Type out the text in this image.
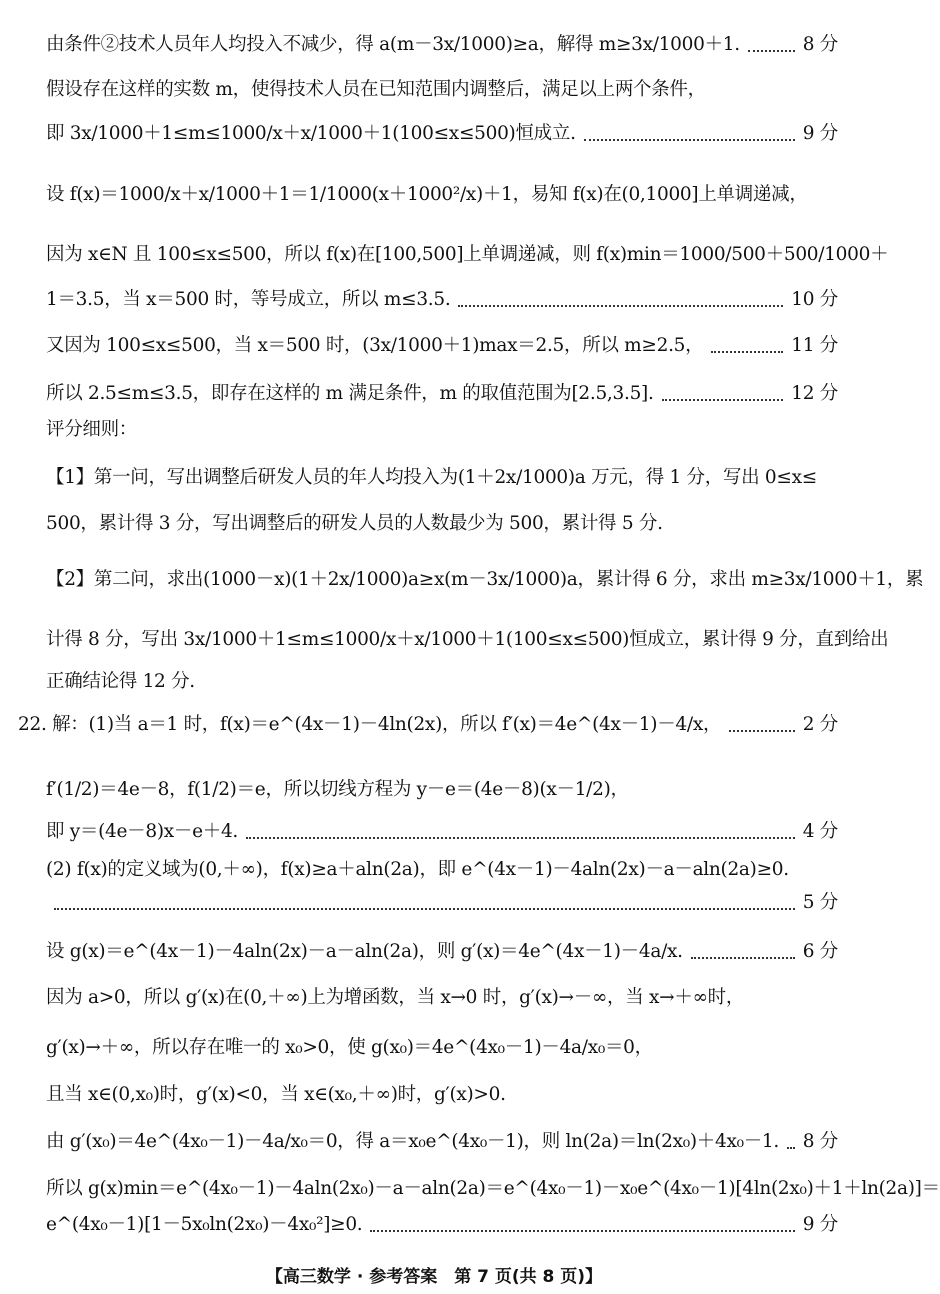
由条件②技术人员年人均投入不减少，得 a(m－3x/1000)≥a，解得 m≥3x/1000＋1.	8 分
假设存在这样的实数 m，使得技术人员在已知范围内调整后，满足以上两个条件，
即 3x/1000＋1≤m≤1000/x＋x/1000＋1(100≤x≤500)恒成立.	9 分
设 f(x)＝1000/x＋x/1000＋1＝1/1000(x＋1000²/x)＋1，易知 f(x)在(0,1000]上单调递减，
因为 x∈N 且 100≤x≤500，所以 f(x)在[100,500]上单调递减，则 f(x)min＝1000/500＋500/1000＋
1＝3.5，当 x＝500 时，等号成立，所以 m≤3.5.	10 分
又因为 100≤x≤500，当 x＝500 时，(3x/1000＋1)max＝2.5，所以 m≥2.5，	11 分
所以 2.5≤m≤3.5，即存在这样的 m 满足条件，m 的取值范围为[2.5,3.5].	12 分
评分细则：
【1】第一问，写出调整后研发人员的年人均投入为(1＋2x/1000)a 万元，得 1 分，写出 0≤x≤
500，累计得 3 分，写出调整后的研发人员的人数最少为 500，累计得 5 分.
【2】第二问，求出(1000－x)(1＋2x/1000)a≥x(m－3x/1000)a，累计得 6 分，求出 m≥3x/1000＋1，累
计得 8 分，写出 3x/1000＋1≤m≤1000/x＋x/1000＋1(100≤x≤500)恒成立，累计得 9 分，直到给出
正确结论得 12 分.
22. 解：(1)当 a＝1 时，f(x)＝e^(4x－1)－4ln(2x)，所以 f′(x)＝4e^(4x－1)－4/x，	2 分
f′(1/2)＝4e－8，f(1/2)＝e，所以切线方程为 y－e＝(4e－8)(x－1/2)，
即 y＝(4e－8)x－e＋4.	4 分
(2) f(x)的定义域为(0,＋∞)，f(x)≥a＋aln(2a)，即 e^(4x－1)－4aln(2x)－a－aln(2a)≥0.
5 分
设 g(x)＝e^(4x－1)－4aln(2x)－a－aln(2a)，则 g′(x)＝4e^(4x－1)－4a/x.	6 分
因为 a>0，所以 g′(x)在(0,＋∞)上为增函数，当 x→0 时，g′(x)→－∞，当 x→＋∞时，
g′(x)→＋∞，所以存在唯一的 x₀>0，使 g(x₀)＝4e^(4x₀－1)－4a/x₀＝0，
且当 x∈(0,x₀)时，g′(x)<0，当 x∈(x₀,＋∞)时，g′(x)>0.
由 g′(x₀)＝4e^(4x₀－1)－4a/x₀＝0，得 a＝x₀e^(4x₀－1)，则 ln(2a)＝ln(2x₀)＋4x₀－1. 8 分
所以 g(x)min＝e^(4x₀－1)－4aln(2x₀)－a－aln(2a)＝e^(4x₀－1)－x₀e^(4x₀－1)[4ln(2x₀)＋1＋ln(2a)]＝
e^(4x₀－1)[1－5x₀ln(2x₀)－4x₀²]≥0.	9 分
【高三数学 · 参考答案　第 7 页(共 8 页)】
